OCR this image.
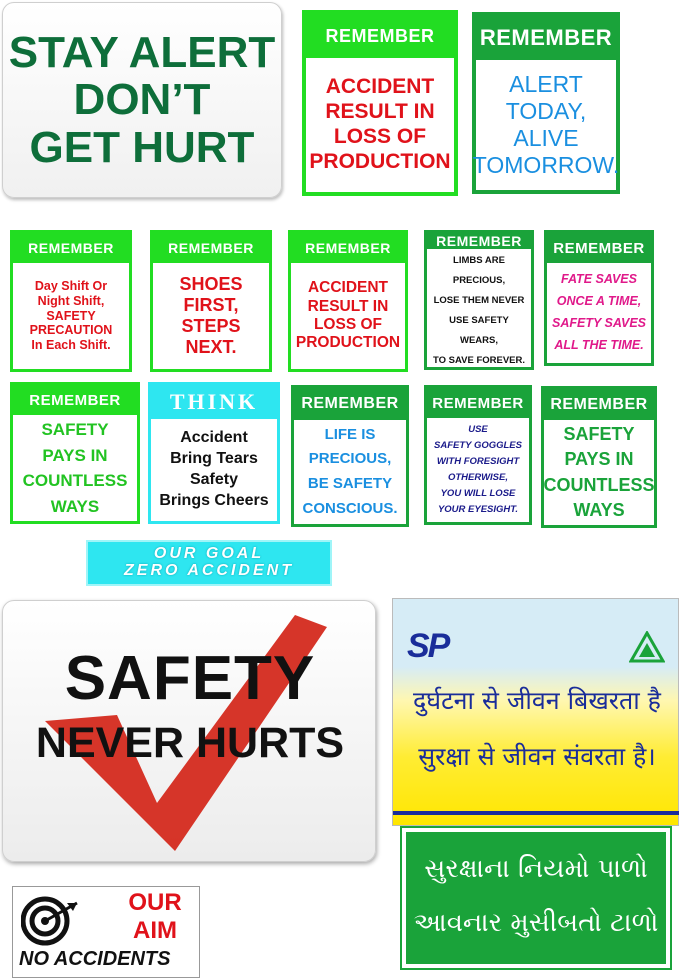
STAY ALERT
DON’T
GET HURT
REMEMBER
ACCIDENT
RESULT IN
LOSS OF
PRODUCTION
REMEMBER
ALERT
TODAY,
ALIVE
TOMORROW.
REMEMBER
Day Shift Or
Night Shift,
SAFETY
PRECAUTION
In Each Shift.
REMEMBER
SHOES
FIRST,
STEPS
NEXT.
REMEMBER
ACCIDENT
RESULT IN
LOSS OF
PRODUCTION
REMEMBER
LIMBS ARE PRECIOUS,
LOSE THEM NEVER
USE SAFETY WEARS,
TO SAVE FOREVER.
REMEMBER
FATE SAVES
ONCE A TIME,
SAFETY SAVES
ALL THE TIME.
REMEMBER
SAFETY
PAYS IN
COUNTLESS
WAYS
THINK
Accident
Bring Tears
Safety
Brings Cheers
REMEMBER
LIFE IS
PRECIOUS,
BE SAFETY
CONSCIOUS.
REMEMBER
USE
SAFETY GOGGLES
WITH FORESIGHT
OTHERWISE,
YOU WILL LOSE
YOUR EYESIGHT.
REMEMBER
SAFETY
PAYS IN
COUNTLESS
WAYS
OUR GOAL
ZERO ACCIDENT
SAFETY
NEVER HURTS
SP
दुर्घटना से जीवन बिखरता है
सुरक्षा से जीवन संवरता है।
સુરક્ષાના નિયમો પાળો
આવનાર મુસીબતો ટાળો
OUR
AIM
NO ACCIDENTS
